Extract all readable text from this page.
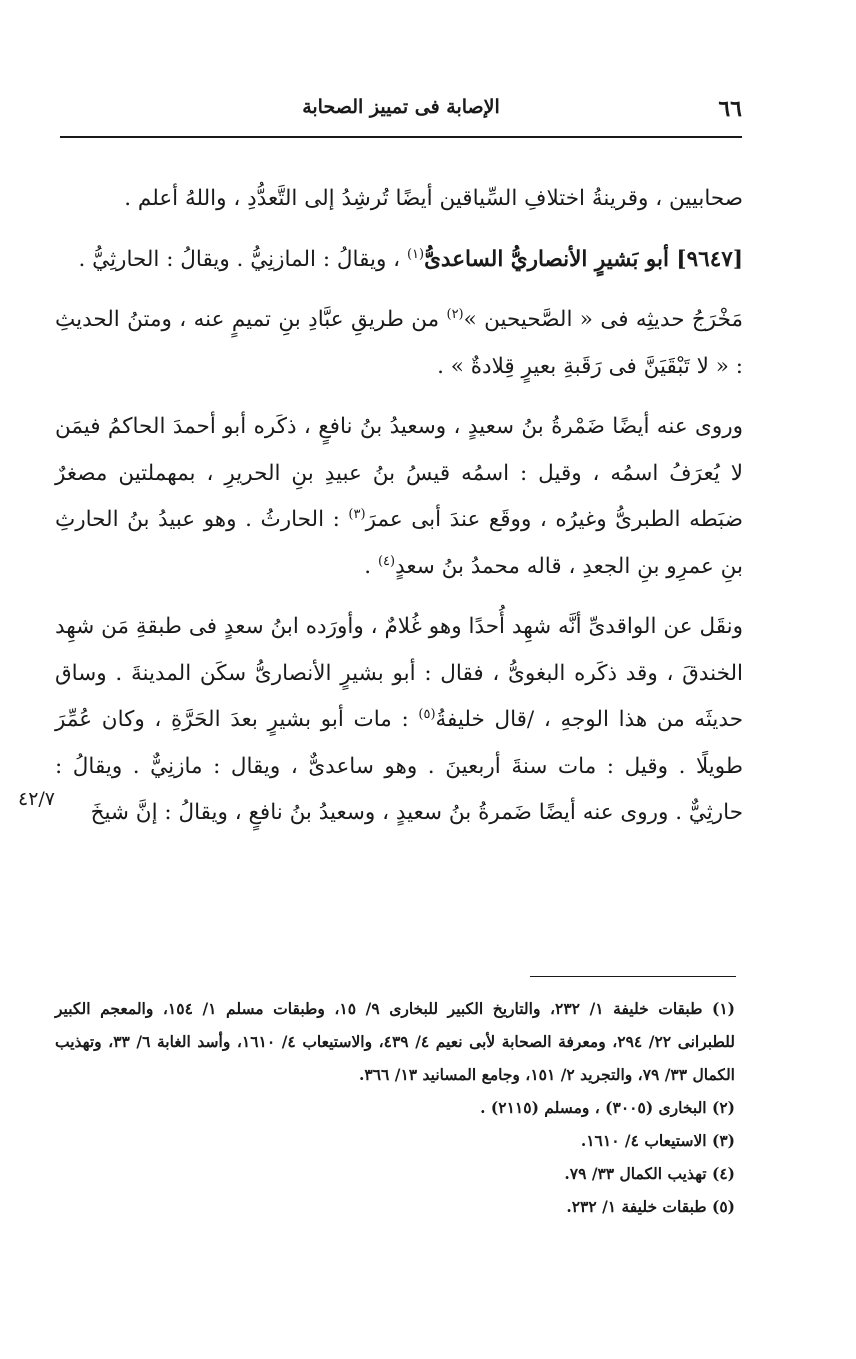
٦٦
الإصابة فى تمييز الصحابة

صحابيين ، وقرينةُ اختلافِ السِّياقين أيضًا تُرشِدُ إلى التَّعدُّدِ ، واللهُ أعلم .

[٩٦٤٧] أبو بَشيرٍ الأنصاريُّ الساعدىُّ$^{(١)}$ ، ويقالُ : المازنِيُّ . ويقالُ : الحارثِيُّ .

مَخْرَجُ حديثِه فى « الصَّحيحين »$^{(٢)}$ من طريقِ عبَّادِ بنِ تميمٍ عنه ، ومتنُ الحديثِ : « لا تَبْقَيَنَّ فى رَقَبةِ بعيرٍ قِلادةٌ » .

وروى عنه أيضًا ضَمْرةُ بنُ سعيدٍ ، وسعيدُ بنُ نافعٍ ، ذكَره أبو أحمدَ الحاكمُ فيمَن لا يُعرَفُ اسمُه ، وقيل : اسمُه قيسُ بنُ عبيدِ بنِ الحريرِ ، بمهملتين مصغرٌ ضبَطه الطبرىُّ وغيرُه ، ووقَع عندَ أبى عمرَ$^{(٣)}$ : الحارثُ . وهو عبيدُ بنُ الحارثِ بنِ عمرِو بنِ الجعدِ ، قاله محمدُ بنُ سعدٍ$^{(٤)}$ .

ونقَل عن الواقدىِّ أنَّه شهِد أُحدًا وهو غُلامٌ ، وأورَده ابنُ سعدٍ فى طبقةِ مَن شهِد الخندقَ ، وقد ذكَره البغوىُّ ، فقال : أبو بشيرٍ الأنصارىُّ سكَن المدينةَ . وساق حديثَه من هذا الوجهِ ، /قال خليفةُ$^{(٥)}$ : مات أبو بشيرٍ بعدَ الحَرَّةِ ، وكان عُمِّرَ طويلًا . وقيل : مات سنةَ أربعينَ . وهو ساعدىٌّ ، ويقال : مازنِيٌّ . ويقالُ : حارثِيٌّ . وروى عنه أيضًا ضَمرةُ بنُ سعيدٍ ، وسعيدُ بنُ نافعٍ ، ويقالُ : إنَّ شيخَ

٤٢/٧

(١) طبقات خليفة ١/ ٢٣٢، والتاريخ الكبير للبخارى ٩/ ١٥، وطبقات مسلم ١/ ١٥٤، والمعجم الكبير للطبرانى ٢٢/ ٢٩٤، ومعرفة الصحابة لأبى نعيم ٤/ ٤٣٩، والاستيعاب ٤/ ١٦١٠، وأسد الغابة ٦/ ٣٣، وتهذيب الكمال ٣٣/ ٧٩، والتجريد ٢/ ١٥١، وجامع المسانيد ١٣/ ٣٦٦.

(٢) البخارى (٣٠٠٥) ، ومسلم (٢١١٥) .

(٣) الاستيعاب ٤/ ١٦١٠.

(٤) تهذيب الكمال ٣٣/ ٧٩.

(٥) طبقات خليفة ١/ ٢٣٢.
